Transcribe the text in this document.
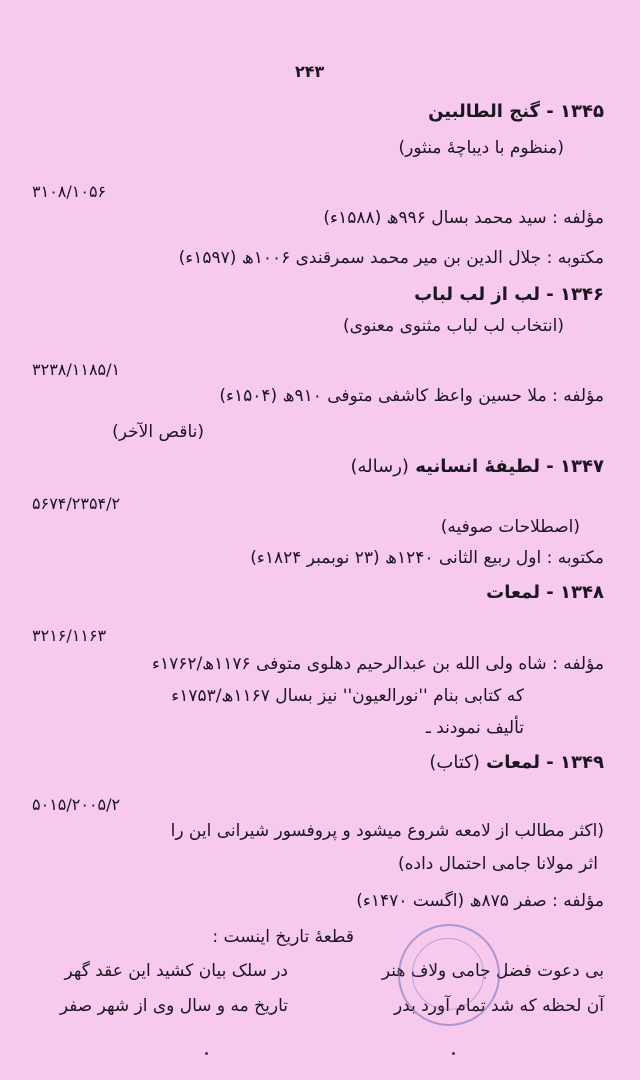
۲۴۳
۱۳۴۵ - گنج الطالبین
(منظوم با دیباچهٔ منثور)
۳۱۰۸/۱۰۵۶
مؤلفه : سید محمد بسال ۹۹۶ھ (۱۵۸۸ء)
مکتوبه : جلال الدین بن میر محمد سمرقندی ۱۰۰۶ھ (۱۵۹۷ء)
۱۳۴۶ - لب از لب لباب
(انتخاب لب لباب مثنوی معنوی)
۳۲۳۸/۱۱۸۵/۱
مؤلفه : ملا حسین واعظ کاشفی متوفی ۹۱۰ھ (۱۵۰۴ء)
(ناقص الآخر)
۱۳۴۷ - لطیفهٔ انسانیه (رساله)
۵۶۷۴/۲۳۵۴/۲
(اصطلاحات صوفیه)
مکتوبه : اول ربیع الثانی ۱۲۴۰ھ (۲۳ نوبمبر ۱۸۲۴ء)
۱۳۴۸ - لمعات
۳۲۱۶/۱۱۶۳
مؤلفه : شاه ولی الله بن عبدالرحیم دهلوی متوفی ۱۱۷۶ھ/۱۷۶۲ء
که کتابی بنام ''نورالعیون'' نیز بسال ۱۱۶۷ھ/۱۷۵۳ء
تألیف نمودند ـ
۱۳۴۹ - لمعات (کتاب)
۵۰۱۵/۲۰۰۵/۲
(اکثر مطالب از لامعه شروع میشود و پروفسور شیرانی این را
اثر مولانا جامی احتمال داده)
مؤلفه : صفر ۸۷۵ھ (اگست ۱۴۷۰ء)
قطعهٔ تاریخ اینست :
بی دعوت فضل جامی ولاف هنر
در سلک بیان کشید این عقد گهر
آن لحظه که شد تمام آورد بدر
تاریخ مه و سال وی از شهر صفر
